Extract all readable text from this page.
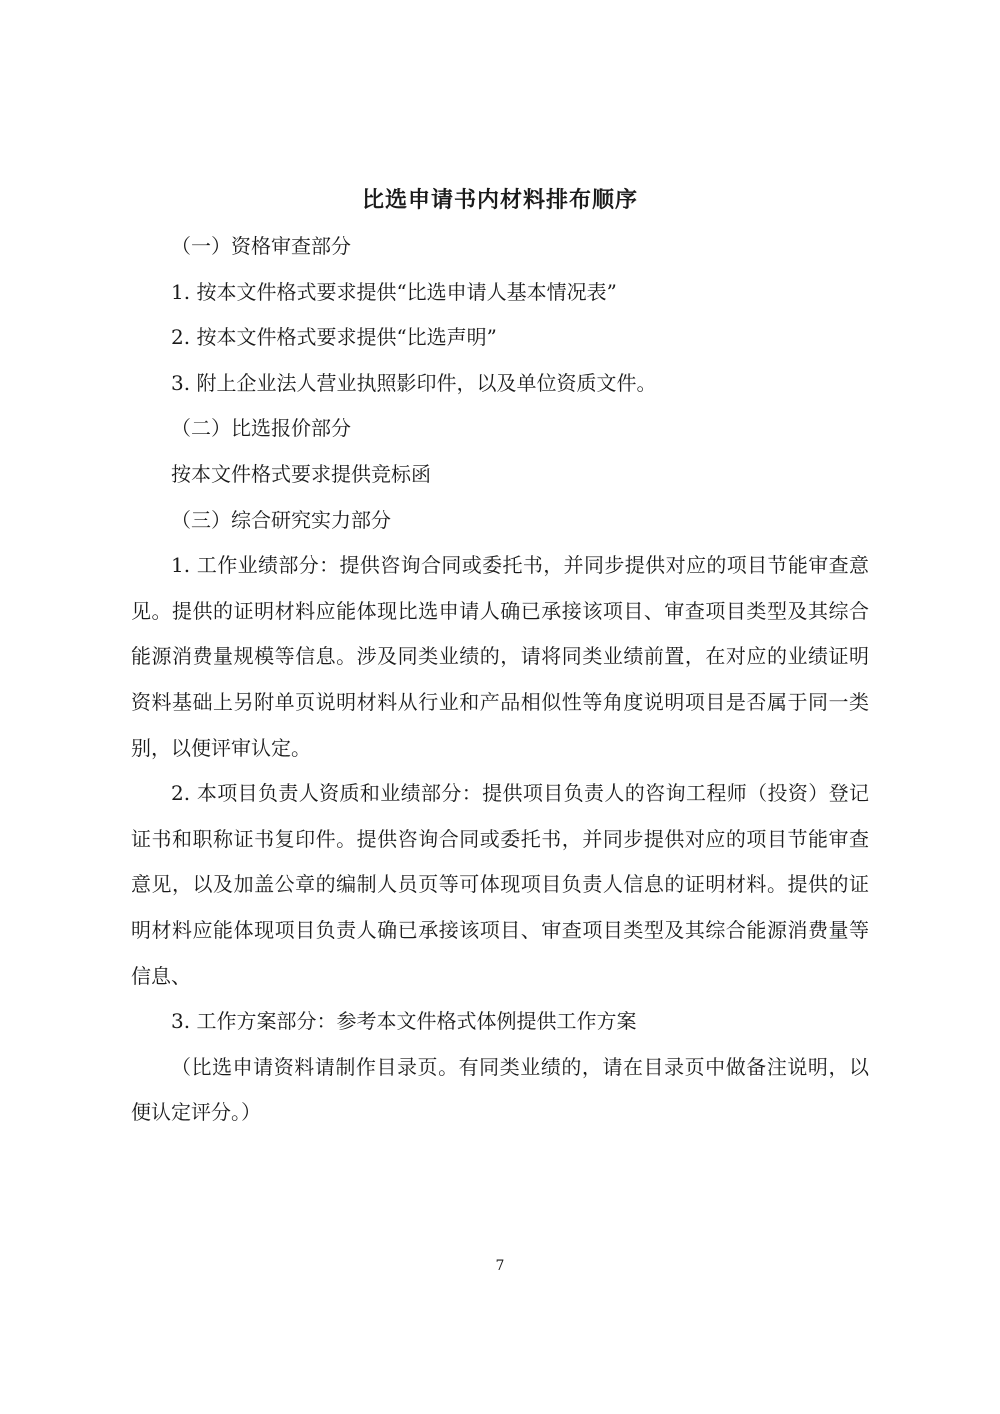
比选申请书内材料排布顺序

（一）资格审查部分

1. 按本文件格式要求提供“比选申请人基本情况表”

2. 按本文件格式要求提供“比选声明”

3. 附上企业法人营业执照影印件，以及单位资质文件。

（二）比选报价部分

按本文件格式要求提供竞标函

（三）综合研究实力部分

1. 工作业绩部分：提供咨询合同或委托书，并同步提供对应的项目节能审查意见。提供的证明材料应能体现比选申请人确已承接该项目、审查项目类型及其综合能源消费量规模等信息。涉及同类业绩的，请将同类业绩前置，在对应的业绩证明资料基础上另附单页说明材料从行业和产品相似性等角度说明项目是否属于同一类别，以便评审认定。

2. 本项目负责人资质和业绩部分：提供项目负责人的咨询工程师（投资）登记证书和职称证书复印件。提供咨询合同或委托书，并同步提供对应的项目节能审查意见，以及加盖公章的编制人员页等可体现项目负责人信息的证明材料。提供的证明材料应能体现项目负责人确已承接该项目、审查项目类型及其综合能源消费量等信息、

3. 工作方案部分：参考本文件格式体例提供工作方案

（比选申请资料请制作目录页。有同类业绩的，请在目录页中做备注说明，以便认定评分。）

7
